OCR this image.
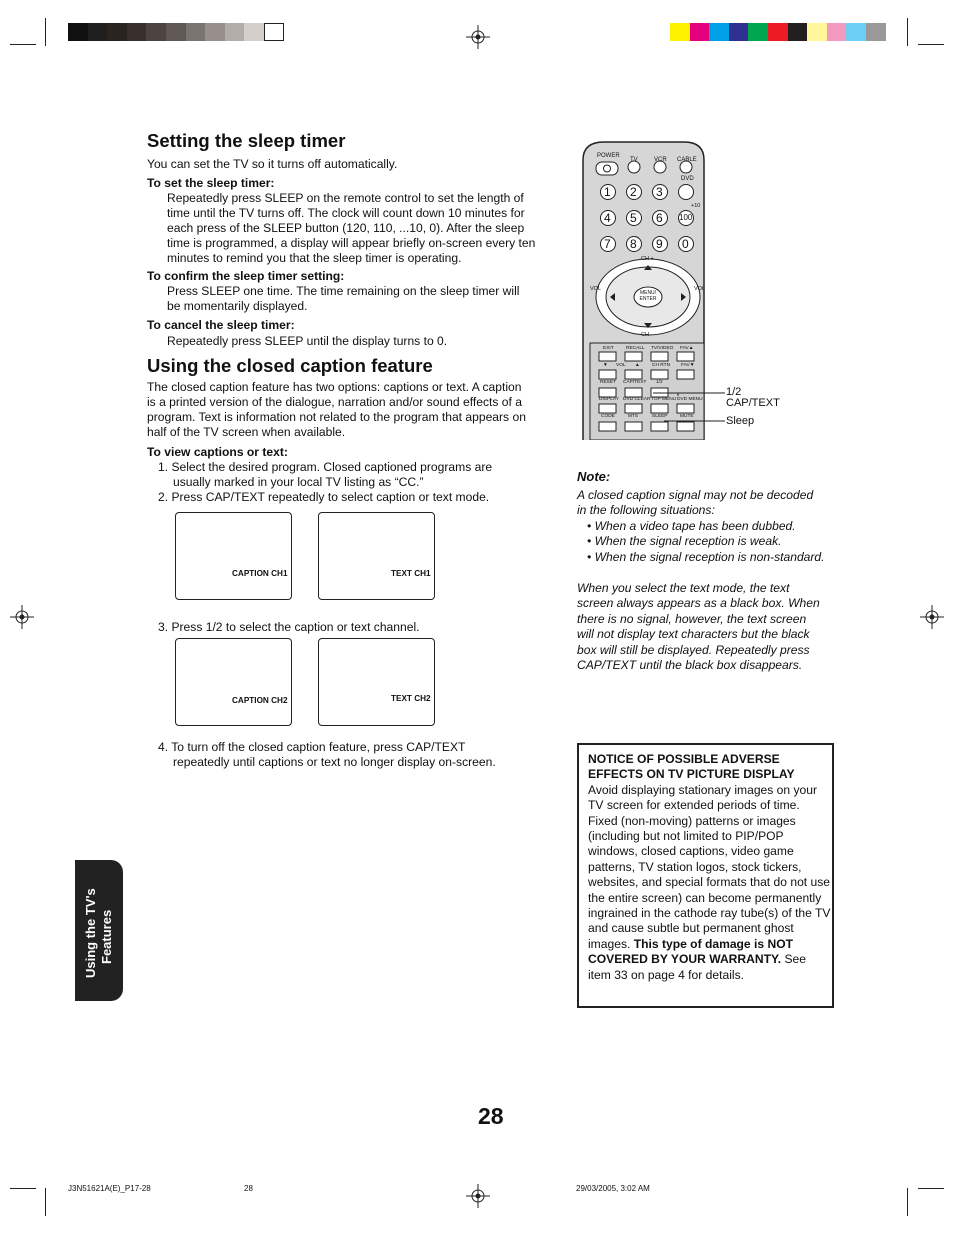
Setting the sleep timer

You can set the TV so it turns off automatically.

To set the sleep timer:

Repeatedly press SLEEP on the remote control to set the length of
time until the TV turns off. The clock will count down 10 minutes for
each press of the SLEEP button (120, 110, ...10, 0). After the sleep
time is programmed, a display will appear briefly on-screen every ten
minutes to remind you that the sleep timer is operating.

To confirm the sleep timer setting:

Press SLEEP one time. The time remaining on the sleep timer will
be momentarily displayed.

To cancel the sleep timer:

Repeatedly press SLEEP until the display turns to 0.
Using the closed caption feature
The closed caption feature has two options: captions or text. A caption
is a printed version of the dialogue, narration and/or sound effects of a
program. Text is information not related to the program that appears on
half of the TV screen when available.

To view captions or text:

1. Select the desired program. Closed captioned programs are
usually marked in your local TV listing as “CC.”
2. Press CAP/TEXT repeatedly to select caption or text mode.
CAPTION CH1	TEXT CH1
3. Press 1/2 to select the caption or text channel.
CAPTION CH2	TEXT CH2
4. To turn off the closed caption feature, press CAP/TEXT
repeatedly until captions or text no longer display on-screen.
POWER
TV	VCR CABLE
DVD
+10
CH +
CH –
VOL	VOL
MENU/ ENTER
1/2
CAP/TEXT
Sleep
Note:
A closed caption signal may not be decoded
in the following situations:
• When a video tape has been dubbed.
• When the signal reception is weak.
• When the signal reception is non-standard.
When you select the text mode, the text
screen always appears as a black box. When
there is no signal, however, the text screen
will not display text characters but the black
box will still be displayed. Repeatedly press
CAP/TEXT until the black box disappears.
NOTICE OF POSSIBLE ADVERSE
EFFECTS ON TV PICTURE DISPLAY
Avoid displaying stationary images on your TV screen for extended periods of time. Fixed (non-moving) patterns or images (including but not limited to PIP/POP windows, closed captions, video game patterns, TV station logos, stock tickers, websites, and special formats that do not use the entire screen) can become permanently ingrained in the cathode ray tube(s) of the TV and cause subtle but permanent ghost images. This type of damage is NOT COVERED BY YOUR WARRANTY. See item 33 on page 4 for details.
Using the TV's Features
28
J3N51621A(E)_P17-28	28	29/03/2005, 3:02 AM
1 2 3
4 5 6
7 8 9 0
100
EXIT	RECALL TV/VIDEO FAV▲
▼ VOL ▲	CH RTN FAV▼
RESET CAP/TEXT 1/2
DISPLAY DVD CLEAR TOP MENU DVD MENU
CODE	MTS	SLEEP	MUTE
